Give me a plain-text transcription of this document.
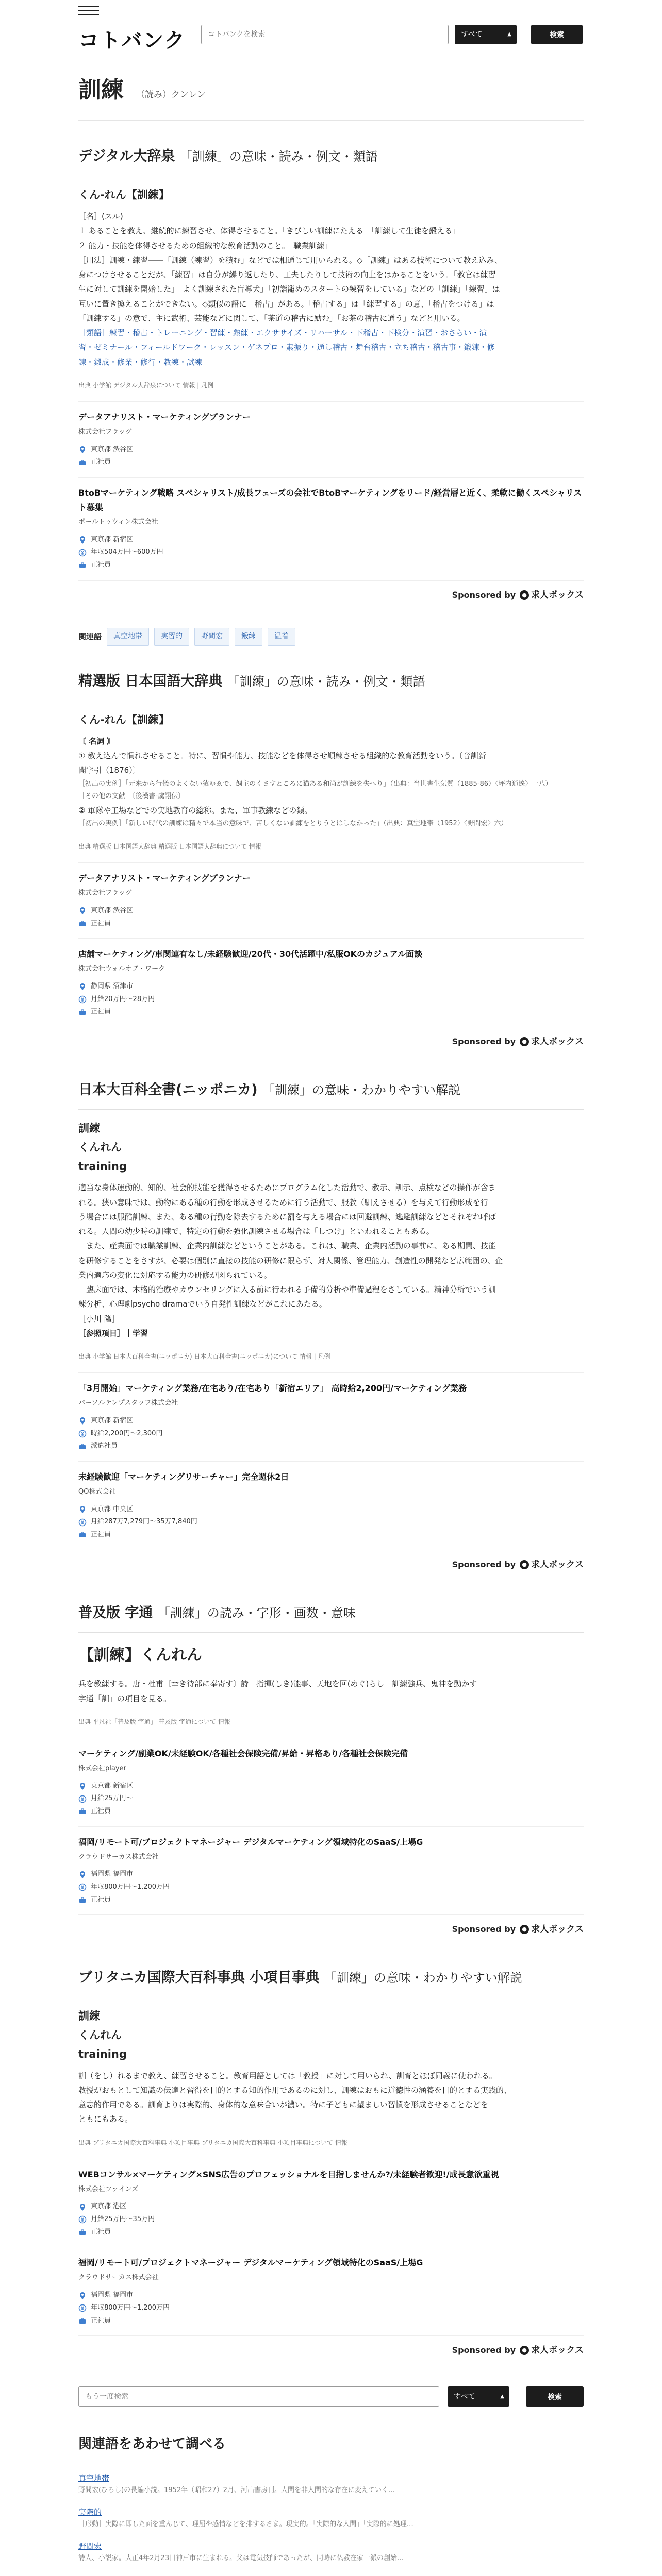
コトバンク
コトバンクを検索	すべて	▲
▼
検索
訓練 （読み）クンレン
デジタル大辞泉 「訓練」の意味・読み・例文・類語
くん‐れん【訓練】
［名］(スル)
１ あることを教え、継続的に練習させ、体得させること。「きびしい訓練にたえる」「訓練して生徒を鍛える」
２ 能力・技能を体得させるための組織的な教育活動のこと。「職業訓練」
［用法］訓練・練習――「訓練（練習）を積む」などでは相通じて用いられる。◇「訓練」はある技術について教え込み、
身につけさせることだが、「練習」は自分が繰り返したり、工夫したりして技術の向上をはかることをいう。「教官は練習
生に対して訓練を開始した」「よく訓練された盲導犬」「初詣籠めのスタートの練習をしている」などの「訓練」「練習」は
互いに置き換えることができない。◇類似の語に「稽古」がある。「稽古する」は「練習する」の意、「稽古をつける」は
「訓練する」の意で、主に武術、芸能などに関して、「茶道の稽古に励む」「お茶の稽古に通う」などと用いる。
［類語］練習・稽古・トレーニング・習練・熟練・エクササイズ・リハーサル・下稽古・下検分・演習・おさらい・演
習・ゼミナール・フィールドワーク・レッスン・ゲネプロ・素振り・通し稽古・舞台稽古・立ち稽古・稽古事・鍛錬・修
錬・鍛成・修業・修行・教練・試練
出典 小学館 デジタル大辞泉について 情報 | 凡例
データアナリスト・マーケティングプランナー
株式会社フラッグ
東京都 渋谷区
正社員
BtoBマーケティング戦略 スペシャリスト/成長フェーズの会社でBtoBマーケティングをリード/経営層と近く、柔軟に働くスペシャリスト募集
ポールトゥウィン株式会社
東京都 新宿区
年収504万円～600万円
正社員
Sponsored by ● 求人ボックス
関連語	真空地帯	実習的	野間宏	鍛練	温着
精選版 日本国語大辞典 「訓練」の意味・読み・例文・類語
くん‐れん【訓練】
〘 名詞 〙
① 教え込んで慣れさせること。特に、習慣や能力、技能などを体得させ順練させる組織的な教育活動をいう。〔音訓新
聞字引（1876）〕
［初出の実例］「元来から行儀のよくない猿ゆゑで、飼主のくさすところに猫ある和尚が訓練を失へり」（出典：当世書生気質（1885‐86）〈坪内逍遙〉一八）
［その他の文献］〔後漢書‐虞詡伝〕
② 軍隊や工場などでの実地教育の総称。また、軍事教練などの類。
［初出の実例］「新しい時代の訓練は精々で本当の意味で、苦しくない訓練をとりうとはしなかった」（出典：真空地帯（1952）〈野間宏〉六）
出典 精選版 日本国語大辞典 精選版 日本国語大辞典について 情報
データアナリスト・マーケティングプランナー
株式会社フラッグ
東京都 渋谷区
正社員
店舗マーケティング/車関連有なし/未経験歓迎/20代・30代活躍中/私服OKのカジュアル面談
株式会社ウォルオブ・ワーク
静岡県 沼津市
月給20万円～28万円
正社員
Sponsored by ● 求人ボックス
日本大百科全書(ニッポニカ) 「訓練」の意味・わかりやすい解説
訓練
くんれん
training
適当な身体運動的、知的、社会的技能を獲得させるためにプログラム化した活動で、教示、訓示、点検などの操作が含ま
れる。狭い意味では、動物にある種の行動を形成させるために行う活動で、服教（馴えさせる）を与えて行動形成を行
う場合には服酷訓練、また、ある種の行動を除去するために罰を与える場合には回避訓練、逃避訓練などとそれぞれ呼ば
れる。人間の幼少時の訓練で、特定の行動を強化訓練させる場合は「しつけ」といわれることもある。
　また、産業面では職業訓練、企業内訓練などということがある。これは、職業、企業内活動の事前に、ある期間、技能
を研修することをさすが、必要は個別に直接の技能の研修に限らず、対人関係、管理能力、創造性の開発など広範囲の、企
業内適応の変化に対応する能力の研修が図られている。
　臨床面では、本格的治療やカウンセリングに入る前に行われる予備的分析や準備過程をさしている。精神分析でいう訓
練分析、心理劇psycho dramaでいう自発性訓練などがこれにあたる。
［小川 隆］
［参照項目］｜学習
出典 小学館 日本大百科全書(ニッポニカ) 日本大百科全書(ニッポニカ)について 情報 | 凡例
「3月開始」マーケティング業務/在宅あり/在宅あり「新宿エリア」 高時給2,200円/マーケティング業務
パーソルテンプスタッフ株式会社
東京都 新宿区
時給2,200円～2,300円
派遣社員
未経験歓迎「マーケティングリサーチャー」完全週休2日
QO株式会社
東京都 中央区
月給287万7,279円～35万7,840円
正社員
Sponsored by ● 求人ボックス
普及版 字通 「訓練」の読み・字形・画数・意味
【訓練】くんれん
兵を教練する。唐・杜甫〔幸き待部に奉寄す〕詩　指揮(しき)能事、天地を回(めぐ)らし　訓練強兵、鬼神を動かす
字通「訓」の項目を見る。
出典 平凡社「普及版 字通」 普及版 字通について 情報
マーケティング/副業OK/未経験OK/各種社会保険完備/昇給・昇格あり/各種社会保険完備
株式会社player
東京都 新宿区
月給25万円～
正社員
福岡/リモート可/プロジェクトマネージャー デジタルマーケティング領域特化のSaaS/上場G
クラウドサーカス株式会社
福岡県 福岡市
年収800万円～1,200万円
正社員
Sponsored by ● 求人ボックス
ブリタニカ国際大百科事典 小項目事典 「訓練」の意味・わかりやすい解説
訓練
くんれん
training
訓（をし）れるまで教え、練習させること。教育用語としては「教授」に対して用いられ、訓育とほぼ同義に使われる。
教授がおもとして知識の伝達と習得を目的とする知的作用であるのに対し、訓練はおもに道徳性の涵養を目的とする実践的、
意志的作用である。訓育よりは実際的、身体的な意味合いが濃い。特に子どもに望ましい習慣を形成させることなどを
ともにもある。
出典 ブリタニカ国際大百科事典 小項目事典 ブリタニカ国際大百科事典 小項目事典について 情報
WEBコンサル×マーケティング×SNS広告のプロフェッショナルを目指しませんか?/未経験者歓迎!/成長意欲重視
株式会社ファインズ
東京都 港区
月給25万円～35万円
正社員
福岡/リモート可/プロジェクトマネージャー デジタルマーケティング領域特化のSaaS/上場G
クラウドサーカス株式会社
福岡県 福岡市
年収800万円～1,200万円
正社員
Sponsored by ● 求人ボックス
もう一度検索
すべて	▲
▼
検索
関連語をあわせて調べる
真空地帯
野間宏(ひろし)の長編小説。1952年（昭和27）2月、河出書房刊。人間を非人間的な存在に変えていく…
実際的
［形動］実際に即した面を重んじて、理屈や感情などを排するさま。現実的。「実際的な人間」「実際的に処理…
野間宏
詩人、小説家。大正4年2月23日神戸市に生まれる。父は電気技師であったが、同時に仏教在家一派の創始…
